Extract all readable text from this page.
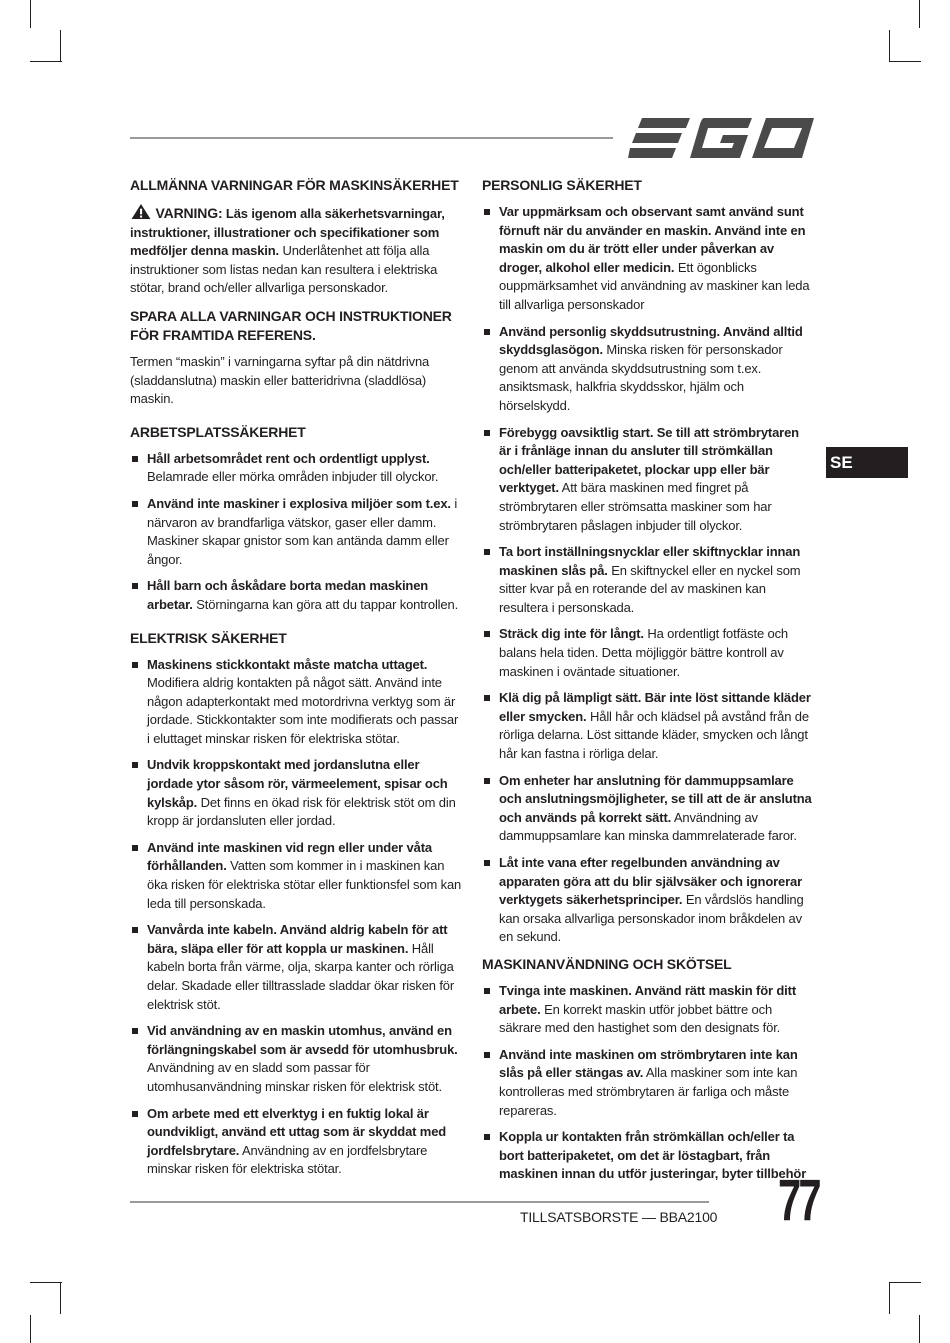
ALLMÄNNA VARNINGAR FÖR MASKINSÄKERHET
VARNING: Läs igenom alla säkerhetsvarningar, instruktioner, illustrationer och specifikationer som medföljer denna maskin. Underlåtenhet att följa alla instruktioner som listas nedan kan resultera i elektriska stötar, brand och/eller allvarliga personskador.
SPARA ALLA VARNINGAR OCH INSTRUKTIONER FÖR FRAMTIDA REFERENS.

Termen “maskin” i varningarna syftar på din nätdrivna (sladdanslutna) maskin eller batteridrivna (sladdlösa) maskin.

ARBETSPLATSSÄKERHET
Håll arbetsområdet rent och ordentligt upplyst. Belamrade eller mörka områden inbjuder till olyckor.
Använd inte maskiner i explosiva miljöer som t.ex. i närvaron av brandfarliga vätskor, gaser eller damm. Maskiner skapar gnistor som kan antända damm eller ångor.
Håll barn och åskådare borta medan maskinen arbetar. Störningarna kan göra att du tappar kontrollen.
ELEKTRISK SÄKERHET
Maskinens stickkontakt måste matcha uttaget. Modifiera aldrig kontakten på något sätt. Använd inte någon adapterkontakt med motordrivna verktyg som är jordade. Stickkontakter som inte modifierats och passar i eluttaget minskar risken för elektriska stötar.
Undvik kroppskontakt med jordanslutna eller jordade ytor såsom rör, värmeelement, spisar och kylskåp. Det finns en ökad risk för elektrisk stöt om din kropp är jordansluten eller jordad.
Använd inte maskinen vid regn eller under våta förhållanden. Vatten som kommer in i maskinen kan öka risken för elektriska stötar eller funktionsfel som kan leda till personskada.
Vanvårda inte kabeln. Använd aldrig kabeln för att bära, släpa eller för att koppla ur maskinen. Håll kabeln borta från värme, olja, skarpa kanter och rörliga delar. Skadade eller tilltrasslade sladdar ökar risken för elektrisk stöt.
Vid användning av en maskin utomhus, använd en förlängningskabel som är avsedd för utomhusbruk. Användning av en sladd som passar för utomhusanvändning minskar risken för elektrisk stöt.
Om arbete med ett elverktyg i en fuktig lokal är oundvikligt, använd ett uttag som är skyddat med jordfelsbrytare. Användning av en jordfelsbrytare minskar risken för elektriska stötar.
PERSONLIG SÄKERHET
Var uppmärksam och observant samt använd sunt förnuft när du använder en maskin. Använd inte en maskin om du är trött eller under påverkan av droger, alkohol eller medicin. Ett ögonblicks ouppmärksamhet vid användning av maskiner kan leda till allvarliga personskador
Använd personlig skyddsutrustning. Använd alltid skyddsglasögon. Minska risken för personskador genom att använda skyddsutrustning som t.ex. ansiktsmask, halkfria skyddsskor, hjälm och hörselskydd.
Förebygg oavsiktlig start. Se till att strömbrytaren är i frånläge innan du ansluter till strömkällan och/eller batteripaketet, plockar upp eller bär verktyget. Att bära maskinen med fingret på strömbrytaren eller strömsatta maskiner som har strömbrytaren påslagen inbjuder till olyckor.
Ta bort inställningsnycklar eller skiftnycklar innan maskinen slås på. En skiftnyckel eller en nyckel som sitter kvar på en roterande del av maskinen kan resultera i personskada.
Sträck dig inte för långt. Ha ordentligt fotfäste och balans hela tiden. Detta möjliggör bättre kontroll av maskinen i oväntade situationer.
Klä dig på lämpligt sätt. Bär inte löst sittande kläder eller smycken. Håll hår och klädsel på avstånd från de rörliga delarna. Löst sittande kläder, smycken och långt hår kan fastna i rörliga delar.
Om enheter har anslutning för dammuppsamlare och anslutningsmöjligheter, se till att de är anslutna och används på korrekt sätt. Användning av dammuppsamlare kan minska dammrelaterade faror.
Låt inte vana efter regelbunden användning av apparaten göra att du blir självsäker och ignorerar verktygets säkerhetsprinciper. En vårdslös handling kan orsaka allvarliga personskador inom bråkdelen av en sekund.
MASKINANVÄNDNING OCH SKÖTSEL
Tvinga inte maskinen. Använd rätt maskin för ditt arbete. En korrekt maskin utför jobbet bättre och säkrare med den hastighet som den designats för.
Använd inte maskinen om strömbrytaren inte kan slås på eller stängas av. Alla maskiner som inte kan kontrolleras med strömbrytaren är farliga och måste repareras.
Koppla ur kontakten från strömkällan och/eller ta bort batteripaketet, om det är löstagbart, från maskinen innan du utför justeringar, byter tillbehör
SE
TILLSATSBORSTE — BBA2100 77
